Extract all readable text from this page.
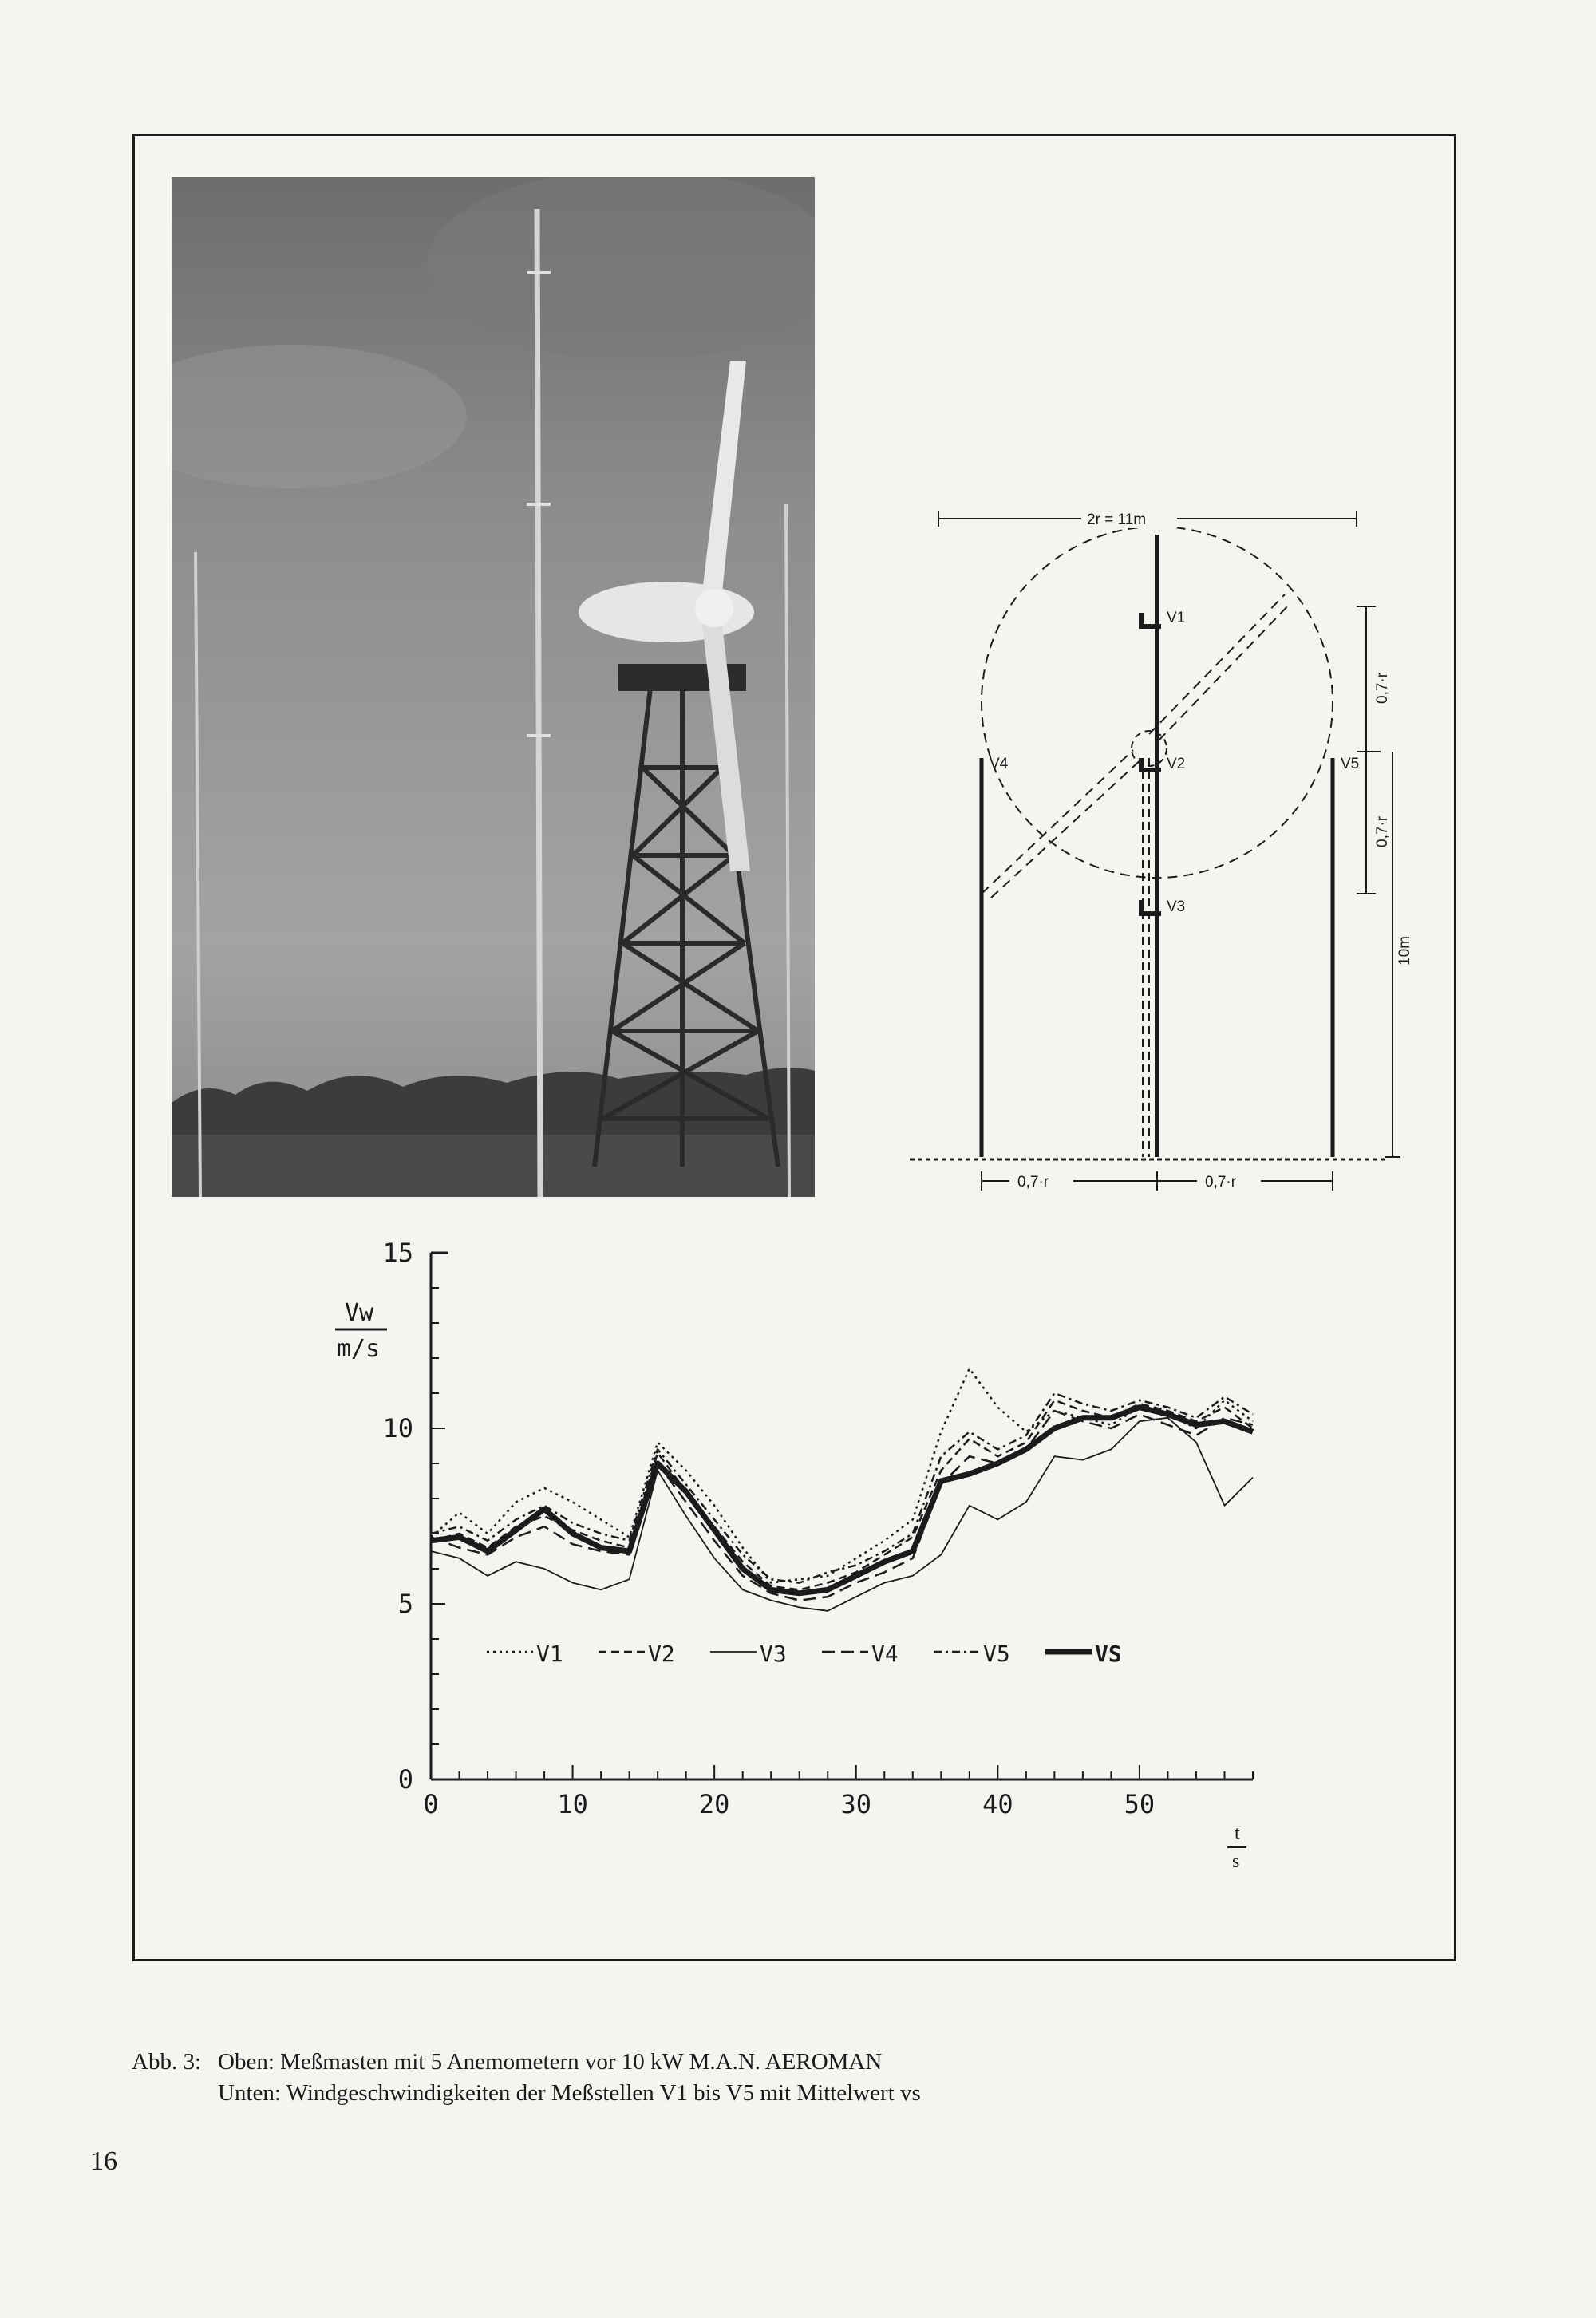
2r = 11m
V1
V2
V3
V4	V5
0,7·r	0,7·r
0,7·r
0,7·r
10m
0
5
10
15
0	10	20	30	40	50
V1	V2	V3	V4	V5	VS
Vw
m/s
t
s
Abb. 3: Oben: Meßmasten mit 5 Anemometern vor 10 kW M.A.N. AEROMAN
Unten: Windgeschwindigkeiten der Meßstellen V1 bis V5 mit Mittelwert vs
16
